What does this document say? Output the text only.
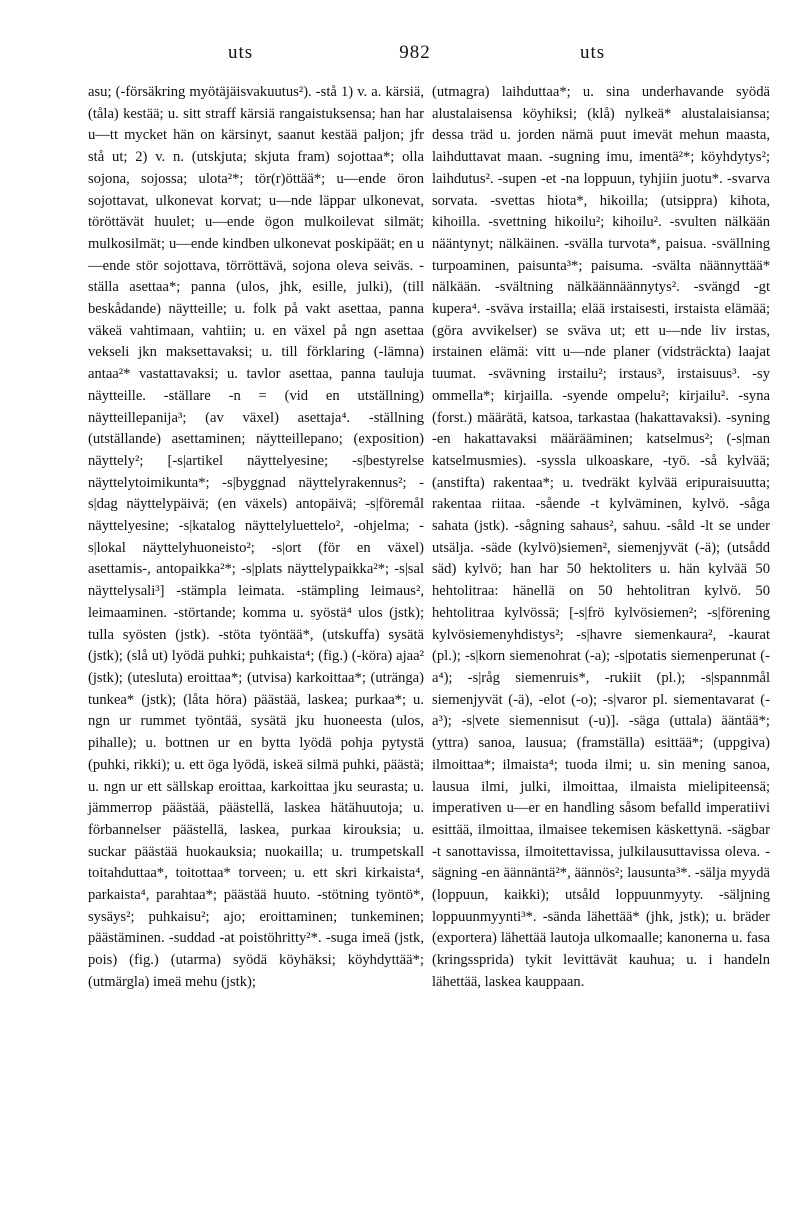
uts	982	uts

asu; (-försäkring myötäjäisvakuutus²). -stå 1) v. a. kärsiä, (tåla) kestää; u. sitt straff kärsiä rangaistuksensa; han har u—tt mycket hän on kärsinyt, saanut kestää paljon; jfr stå ut; 2) v. n. (utskjuta; skjuta fram) sojottaa*; olla sojona, sojossa; ulota²*; tör(r)öttää*; u—ende öron sojottavat, ulkonevat korvat; u—nde läppar ulkonevat, töröttävät huulet; u—ende ögon mulkoilevat silmät; mulkosilmät; u—ende kindben ulkonevat poskipäät; en u—ende stör sojottava, törröttävä, sojona oleva seiväs. -ställa asettaa*; panna (ulos, jhk, esille, julki), (till beskådande) näytteille; u. folk på vakt asettaa, panna väkeä vahtimaan, vahtiin; u. en växel på ngn asettaa vekseli jkn maksettavaksi; u. till förklaring (-lämna) antaa²* vastattavaksi; u. tavlor asettaa, panna tauluja näytteille. -ställare -n = (vid en utställning) näytteillepanija³; (av växel) asettaja⁴. -ställning (utställande) asettaminen; näytteillepano; (exposition) näyttely²; [-s|artikel näyttelyesine; -s|bestyrelse näyttelytoimikunta*; -s|byggnad näyttelyrakennus²; -s|dag näyttelypäivä; (en växels) antopäivä; -s|föremål näyttelyesine; -s|katalog näyttelyluettelo², -ohjelma; -s|lokal näyttelyhuoneisto²; -s|ort (för en växel) asettamis-, antopaikka²*; -s|plats näyttelypaikka²*; -s|sal näyttelysali³] -stämpla leimata. -stämpling leimaus², leimaaminen. -störtande; komma u. syöstä⁴ ulos (jstk); tulla syösten (jstk). -stöta työntää*, (utskuffa) sysätä (jstk); (slå ut) lyödä puhki; puhkaista⁴; (fig.) (-köra) ajaa² (jstk); (utesluta) eroittaa*; (utvisa) karkoittaa*; (utränga) tunkea* (jstk); (låta höra) päästää, laskea; purkaa*; u. ngn ur rummet työntää, sysätä jku huoneesta (ulos, pihalle); u. bottnen ur en bytta lyödä pohja pytystä (puhki, rikki); u. ett öga lyödä, iskeä silmä puhki, päästä; u. ngn ur ett sällskap eroittaa, karkoittaa jku seurasta; u. jämmerrop päästää, päästellä, laskea hätähuutoja; u. förbannelser päästellä, laskea, purkaa kirouksia; u. suckar päästää huokauksia; nuokailla; u. trumpetskall toitahduttaa*, toitottaa* torveen; u. ett skri kirkaista⁴, parkaista⁴, parahtaa*; päästää huuto. -stötning työntö*, sysäys²; puhkaisu²; ajo; eroittaminen; tunkeminen; päästäminen. -suddad -at poistöhritty²*. -suga imeä (jstk, pois) (fig.) (utarma) syödä köyhäksi; köyhdyttää*; (utmärgla) imeä mehu (jstk);

(utmagra) laihduttaa*; u. sina underhavande syödä alustalaisensa köyhiksi; (klå) nylkeä* alustalaisiansa; dessa träd u. jorden nämä puut imevät mehun maasta, laihduttavat maan. -sugning imu, imentä²*; köyhdytys²; laihdutus². -supen -et -na loppuun, tyhjiin juotu*. -svarva sorvata. -svettas hiota*, hikoilla; (utsippra) kihota, kihoilla. -svettning hikoilu²; kihoilu². -svulten nälkään nääntynyt; nälkäinen. -svälla turvota*, paisua. -svällning turpoaminen, paisunta³*; paisuma. -svälta näännyttää* nälkään. -svältning nälkäännäännytys². -svängd -gt kupera⁴. -sväva irstailla; elää irstaisesti, irstaista elämää; (göra avvikelser) se sväva ut; ett u—nde liv irstas, irstainen elämä: vitt u—nde planer (vidsträckta) laajat tuumat. -svävning irstailu²; irstaus³, irstaisuus³. -sy ommella*; kirjailla. -syende ompelu²; kirjailu². -syna (forst.) määrätä, katsoa, tarkastaa (hakattavaksi). -syning -en hakattavaksi määrääminen; katselmus²; (-s|man katselmusmies). -syssla ulkoaskare, -työ. -så kylvää; (anstifta) rakentaa*; u. tvedräkt kylvää eripuraisuutta; rakentaa riitaa. -sående -t kylväminen, kylvö. -såga sahata (jstk). -sågning sahaus², sahuu. -såld -lt se under utsälja. -säde (kylvö)siemen², siemenjyvät (-ä); (utsådd säd) kylvö; han har 50 hektoliters u. hän kylvää 50 hehtolitraa: hänellä on 50 hehtolitran kylvö. 50 hehtolitraa kylvössä; [-s|frö kylvösiemen²; -s|förening kylvösiemenyhdistys²; -s|havre siemenkaura², -kaurat (pl.); -s|korn siemenohrat (-a); -s|potatis siemenperunat (-a⁴); -s|råg siemenruis*, -rukiit (pl.); -s|spannmål siemenjyvät (-ä), -elot (-o); -s|varor pl. siementavarat (-a³); -s|vete siemennisut (-u)]. -säga (uttala) ääntää*; (yttra) sanoa, lausua; (framställa) esittää*; (uppgiva) ilmoittaa*; ilmaista⁴; tuoda ilmi; u. sin mening sanoa, lausua ilmi, julki, ilmoittaa, ilmaista mielipiteensä; imperativen u—er en handling såsom befalld imperatiivi esittää, ilmoittaa, ilmaisee tekemisen käskettynä. -sägbar -t sanottavissa, ilmoitettavissa, julkilausuttavissa oleva. -sägning -en äännäntä²*, äännös²; lausunta³*. -sälja myydä (loppuun, kaikki); utsåld loppuunmyyty. -säljning loppuunmyynti³*. -sända lähettää* (jhk, jstk); u. bräder (exportera) lähettää lautoja ulkomaalle; kanonerna u. fasa (kringssprida) tykit levittävät kauhua; u. i handeln lähettää, laskea kauppaan.
